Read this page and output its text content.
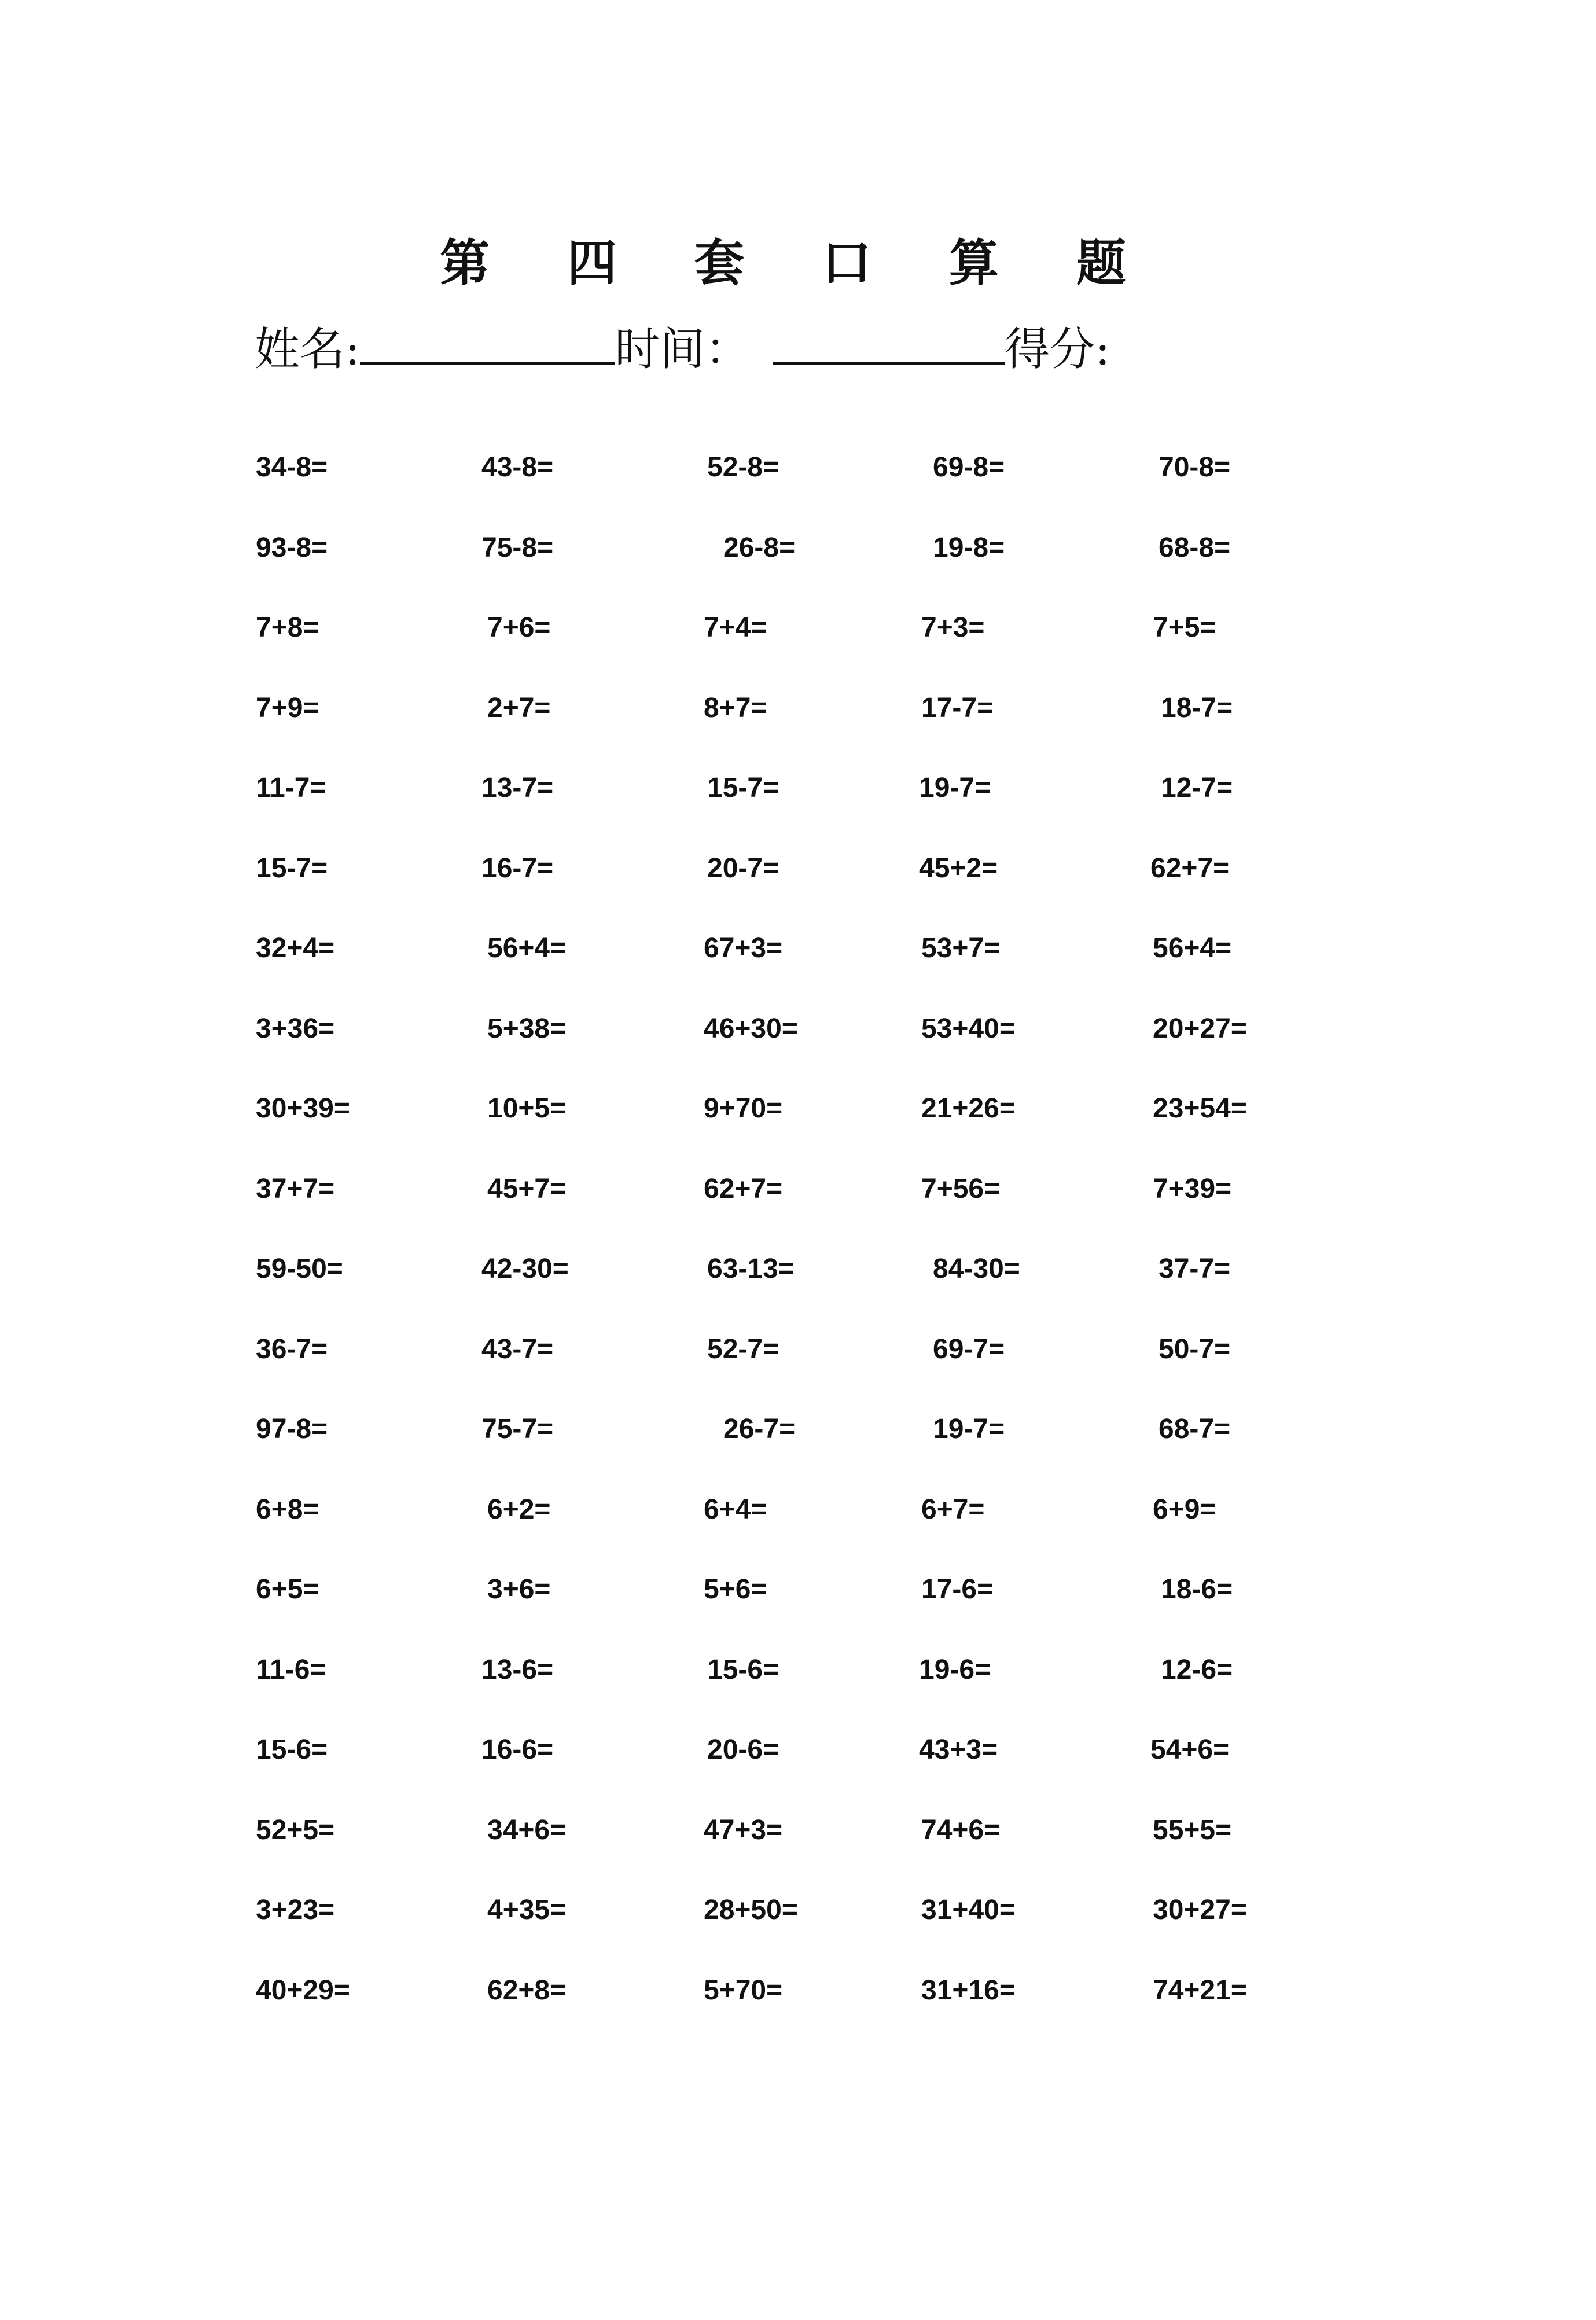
第 四 套 口 算 题
姓名:	时间：	得分:
34-8=	43-8=	52-8=	69-8=	70-8=
93-8=	75-8=	26-8=	19-8=	68-8=
7+8=	7+6=	7+4=	7+3=	7+5=
7+9=	2+7=	8+7=	17-7=	18-7=
11-7=	13-7=	15-7=	19-7=	12-7=
15-7=	16-7=	20-7=	45+2=	62+7=
32+4=	56+4=	67+3=	53+7=	56+4=
3+36=	5+38=	46+30=	53+40=	20+27=
30+39=	10+5=	9+70=	21+26=	23+54=
37+7=	45+7=	62+7=	7+56=	7+39=
59-50=	42-30=	63-13=	84-30=	37-7=
36-7=	43-7=	52-7=	69-7=	50-7=
97-8=	75-7=	26-7=	19-7=	68-7=
6+8=	6+2=	6+4=	6+7=	6+9=
6+5=	3+6=	5+6=	17-6=	18-6=
11-6=	13-6=	15-6=	19-6=	12-6=
15-6=	16-6=	20-6=	43+3=	54+6=
52+5=	34+6=	47+3=	74+6=	55+5=
3+23=	4+35=	28+50=	31+40=	30+27=
40+29=	62+8=	5+70=	31+16=	74+21=
